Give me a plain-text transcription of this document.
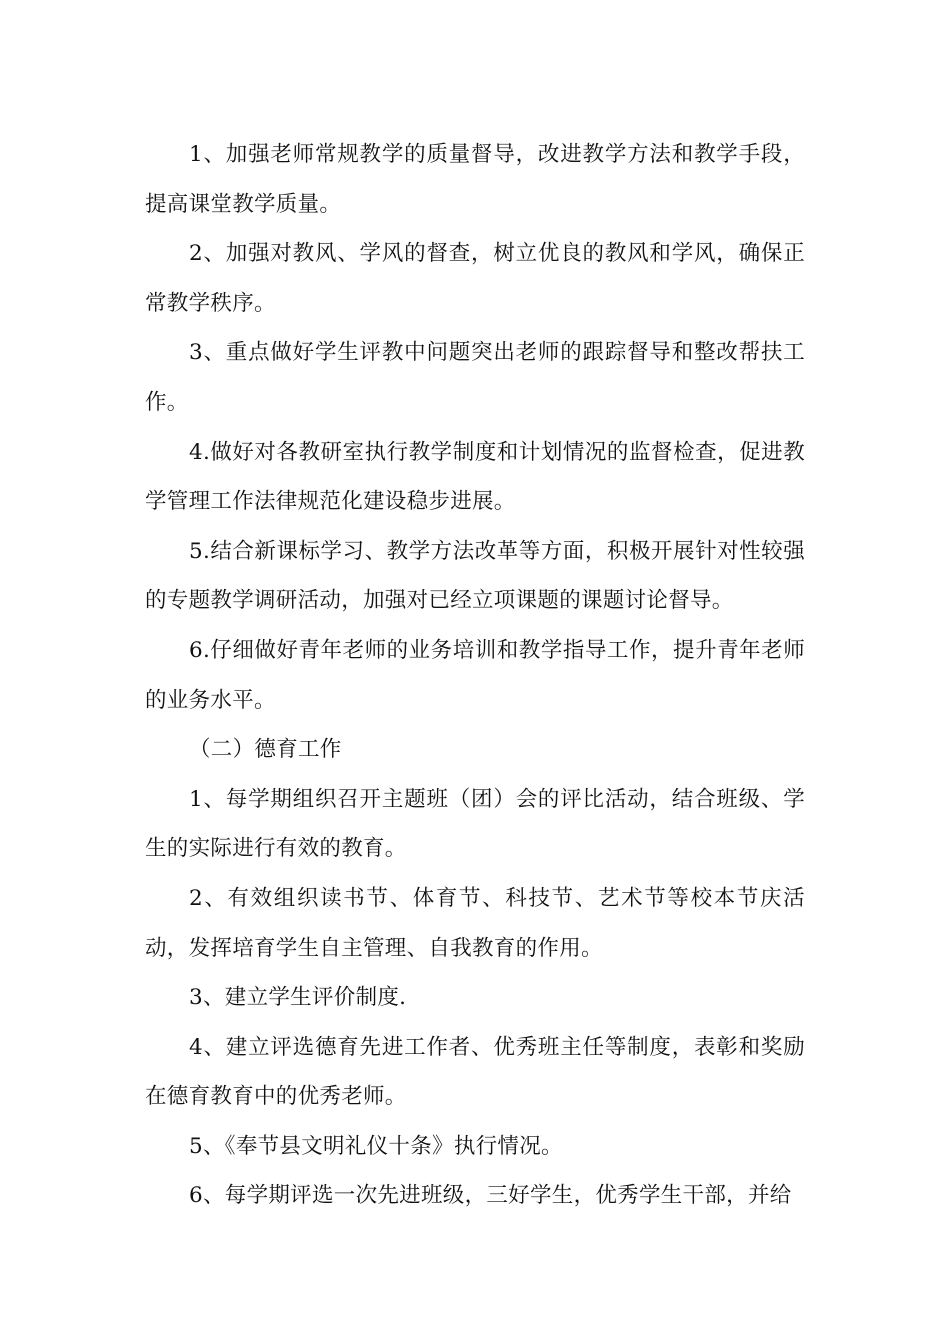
1、加强老师常规教学的质量督导，改进教学方法和教学手段，提高课堂教学质量。

2、加强对教风、学风的督查，树立优良的教风和学风，确保正常教学秩序。

3、重点做好学生评教中问题突出老师的跟踪督导和整改帮扶工作。

4.做好对各教研室执行教学制度和计划情况的监督检查，促进教学管理工作法律规范化建设稳步进展。

5.结合新课标学习、教学方法改革等方面，积极开展针对性较强的专题教学调研活动，加强对已经立项课题的课题讨论督导。

6.仔细做好青年老师的业务培训和教学指导工作，提升青年老师的业务水平。

（二）德育工作

1、每学期组织召开主题班（团）会的评比活动，结合班级、学生的实际进行有效的教育。

2、有效组织读书节、体育节、科技节、艺术节等校本节庆活动，发挥培育学生自主管理、自我教育的作用。

3、建立学生评价制度.

4、建立评选德育先进工作者、优秀班主任等制度，表彰和奖励在德育教育中的优秀老师。

5、《奉节县文明礼仪十条》执行情况。

6、每学期评选一次先进班级，三好学生，优秀学生干部，并给
